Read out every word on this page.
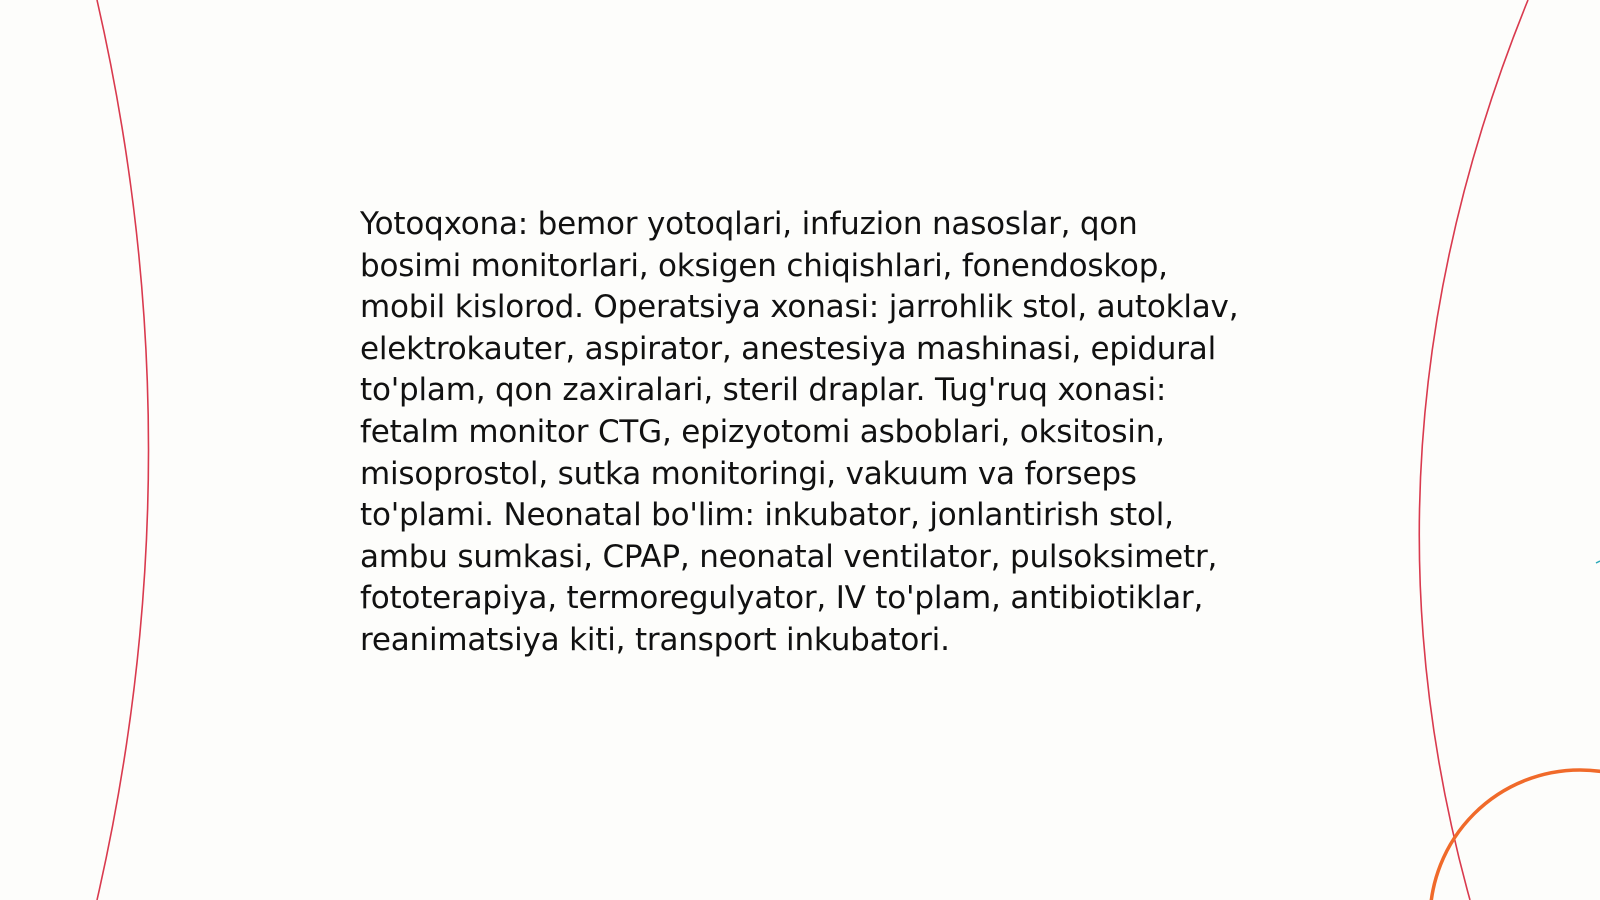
Yotoqxona: bemor yotoqlari, infuzion nasoslar, qon bosimi monitorlari, oksigen chiqishlari, fonendoskop, mobil kislorod. Operatsiya xonasi: jarrohlik stol, autoklav, elektrokauter, aspirator, anestesiya mashinasi, epidural to'plam, qon zaxiralari, steril draplar. Tug'ruq xonasi: fetalm monitor CTG, epizyotomi asboblari, oksitosin, misoprostol, sutka monitoringi, vakuum va forseps to'plami. Neonatal bo'lim: inkubator, jonlantirish stol, ambu sumkasi, CPAP, neonatal ventilator, pulsoksimetr, fototerapiya, termoregulyator, IV to'plam, antibiotiklar, reanimatsiya kiti, transport inkubatori.
